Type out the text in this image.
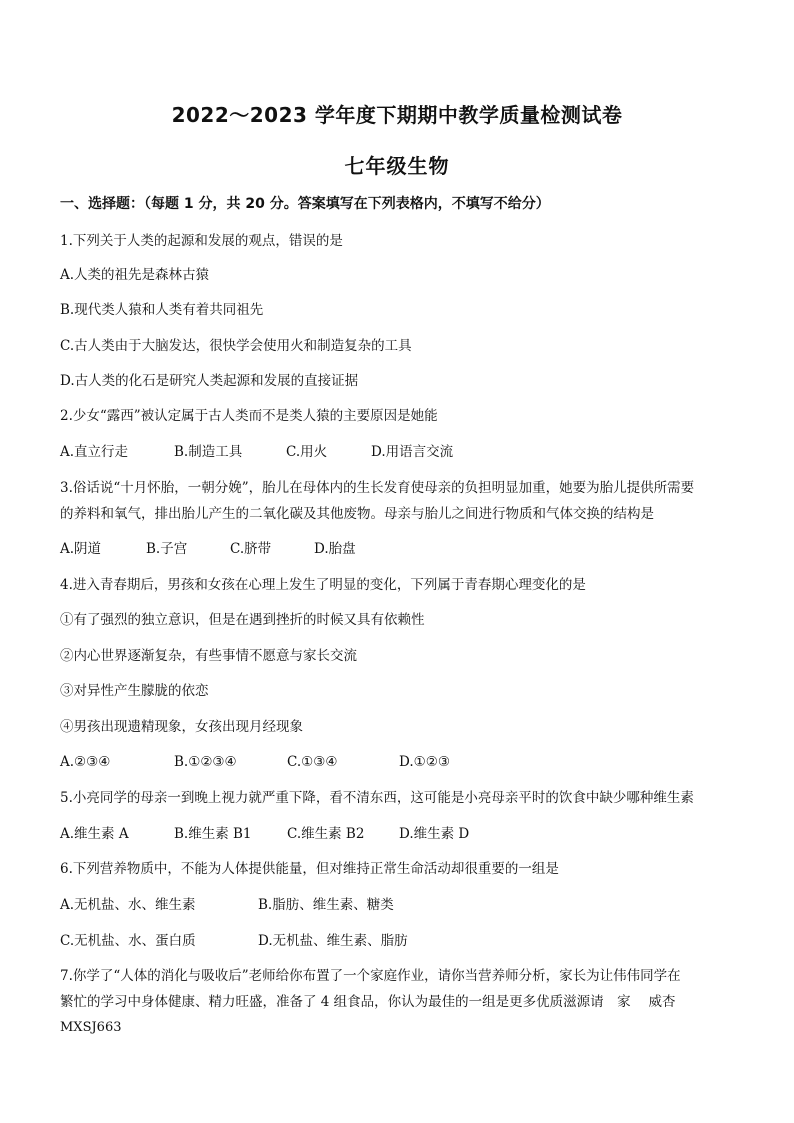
2022～2023 学年度下期期中教学质量检测试卷
七年级生物
一、选择题：（每题 1 分，共 20 分。答案填写在下列表格内，不填写不给分）
1.下列关于人类的起源和发展的观点，错误的是
A.人类的祖先是森林古猿
B.现代类人猿和人类有着共同祖先
C.古人类由于大脑发达，很快学会使用火和制造复杂的工具
D.古人类的化石是研究人类起源和发展的直接证据
2.少女“露西”被认定属于古人类而不是类人猿的主要原因是她能
A.直立行走	B.制造工具	C.用火	D.用语言交流
3.俗话说“十月怀胎，一朝分娩”，胎儿在母体内的生长发育使母亲的负担明显加重，她要为胎儿提供所需要
的养料和氧气，排出胎儿产生的二氧化碳及其他废物。母亲与胎儿之间进行物质和气体交换的结构是
A.阴道	B.子宫	C.脐带	D.胎盘
4.进入青春期后，男孩和女孩在心理上发生了明显的变化，下列属于青春期心理变化的是
①有了强烈的独立意识，但是在遇到挫折的时候又具有依赖性
②内心世界逐渐复杂，有些事情不愿意与家长交流
③对异性产生朦胧的依恋
④男孩出现遗精现象，女孩出现月经现象
A.②③④	B.①②③④	C.①③④	D.①②③
5.小亮同学的母亲一到晚上视力就严重下降，看不清东西，这可能是小亮母亲平时的饮食中缺少哪种维生素
A.维生素 A	B.维生素 B1	C.维生素 B2	D.维生素 D
6.下列营养物质中，不能为人体提供能量，但对维持正常生命活动却很重要的一组是
A.无机盐、水、维生素	B.脂肪、维生素、糖类
C.无机盐、水、蛋白质	D.无机盐、维生素、脂肪
7.你学了“人体的消化与吸收后”老师给你布置了一个家庭作业，请你当营养师分析，家长为让伟伟同学在
繁忙的学习中身体健康、精力旺盛，准备了 4 组食品，你认为最佳的一组是更多优质滋源请　家　 威杏
MXSJ663
